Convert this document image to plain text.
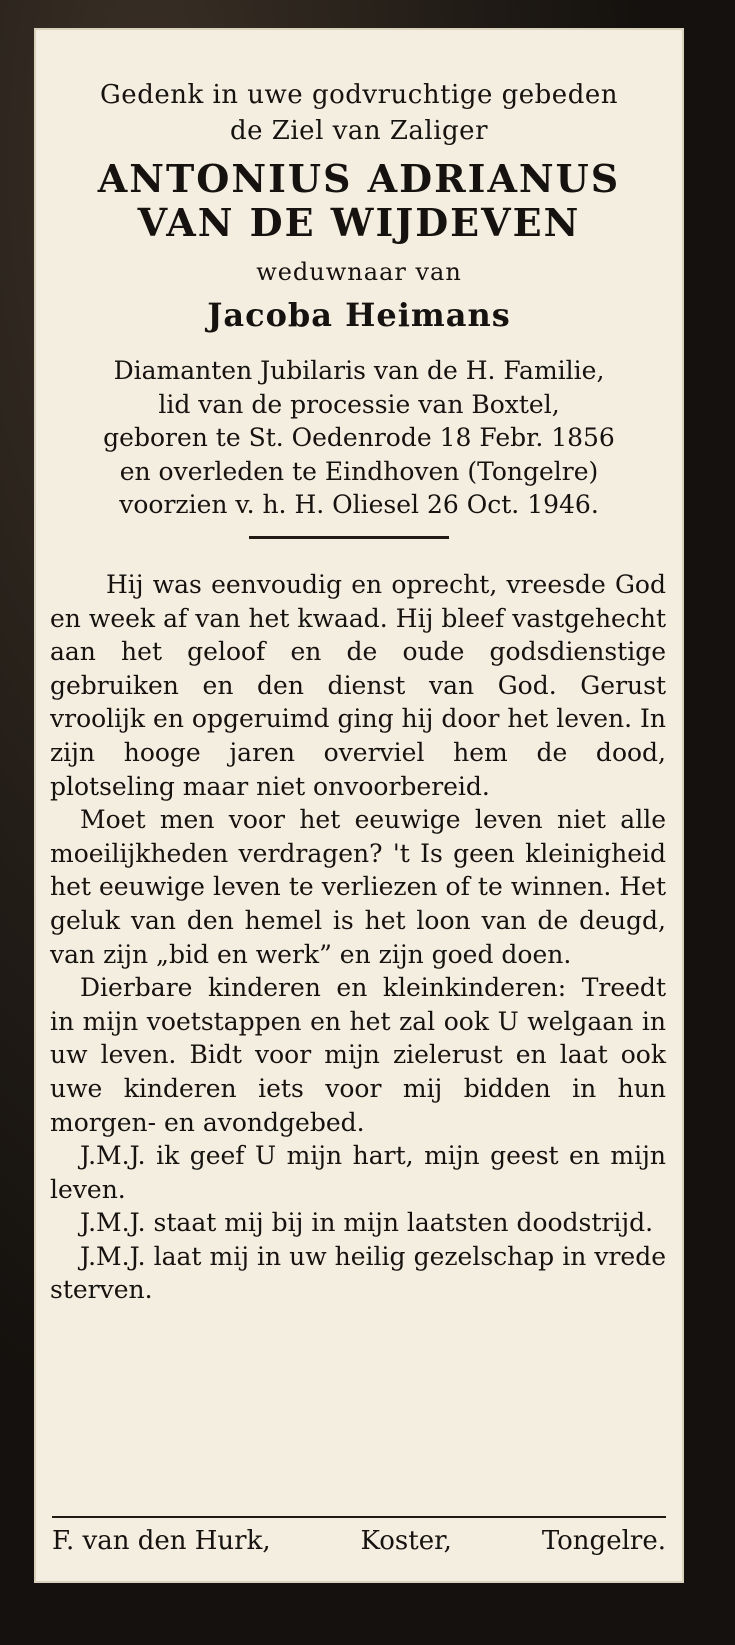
Gedenk in uwe godvruchtige gebeden
de Ziel van Zaliger
ANTONIUS ADRIANUS
VAN DE WIJDEVEN
weduwnaar van
Jacoba Heimans
Diamanten Jubilaris van de H. Familie,
lid van de processie van Boxtel,
geboren te St. Oedenrode 18 Febr. 1856
en overleden te Eindhoven (Tongelre)
voorzien v. h. H. Oliesel 26 Oct. 1946.

Hij was eenvoudig en oprecht, vreesde God en week af van het kwaad. Hij bleef vastgehecht aan het geloof en de oude godsdienstige gebruiken en den dienst van God. Gerust vroolijk en opgeruimd ging hij door het leven. In zijn hooge jaren overviel hem de dood, plotseling maar niet onvoorbereid.

Moet men voor het eeuwige leven niet alle moeilijkheden verdragen? 't Is geen kleinigheid het eeuwige leven te verliezen of te winnen. Het geluk van den hemel is het loon van de deugd, van zijn „bid en werk” en zijn goed doen.

Dierbare kinderen en kleinkinderen: Treedt in mijn voetstappen en het zal ook U welgaan in uw leven. Bidt voor mijn zielerust en laat ook uwe kinderen iets voor mij bidden in hun morgen- en avondgebed.

J.M.J. ik geef U mijn hart, mijn geest en mijn leven.

J.M.J. staat mij bij in mijn laatsten doodstrijd.

J.M.J. laat mij in uw heilig gezelschap in vrede sterven.

F. van den Hurk,	Koster,	Tongelre.
